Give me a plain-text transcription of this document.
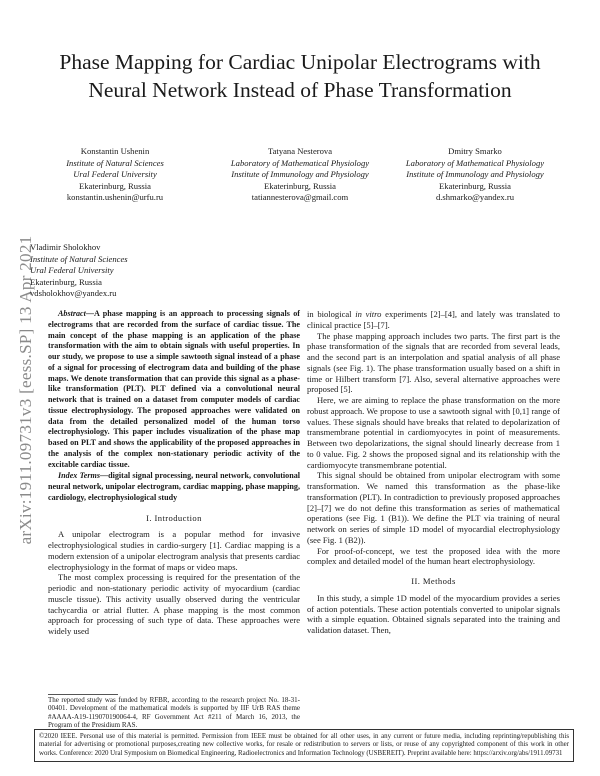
arXiv:1911.09731v3 [eess.SP] 13 Apr 2021
Phase Mapping for Cardiac Unipolar Electrograms with Neural Network Instead of Phase Transformation
Konstantin Ushenin
Institute of Natural Sciences
Ural Federal University
Ekaterinburg, Russia
konstantin.ushenin@urfu.ru
Tatyana Nesterova
Laboratory of Mathematical Physiology
Institute of Immunology and Physiology
Ekaterinburg, Russia
tatiannesterova@gmail.com
Dmitry Smarko
Laboratory of Mathematical Physiology
Institute of Immunology and Physiology
Ekaterinburg, Russia
d.shmarko@yandex.ru
Vladimir Sholokhov
Institute of Natural Sciences
Ural Federal University
Ekaterinburg, Russia
vdsholokhov@yandex.ru

Abstract—A phase mapping is an approach to processing signals of electrograms that are recorded from the surface of cardiac tissue. The main concept of the phase mapping is an application of the phase transformation with the aim to obtain signals with useful properties. In our study, we propose to use a simple sawtooth signal instead of a phase of a signal for processing of electrogram data and building of the phase maps. We denote transformation that can provide this signal as a phase-like transformation (PLT). PLT defined via a convolutional neural network that is trained on a dataset from computer models of cardiac tissue electrophysiology. The proposed approaches were validated on data from the detailed personalized model of the human torso electrophysiology. This paper includes visualization of the phase map based on PLT and shows the applicability of the proposed approaches in the analysis of the complex non-stationary periodic activity of the excitable cardiac tissue.

Index Terms—digital signal processing, neural network, convolutional neural network, unipolar electrogram, cardiac mapping, phase mapping, cardiology, electrophysiological study

I. Introduction

A unipolar electrogram is a popular method for invasive electrophysiological studies in cardio-surgery [1]. Cardiac mapping is a modern extension of a unipolar electrogram analysis that presents cardiac electrophysiology in the format of maps or video maps.

The most complex processing is required for the presentation of the periodic and non-stationary periodic activity of myocardium (cardiac muscle tissue). This activity usually observed during the ventricular tachycardia or atrial flutter. A phase mapping is the most common approach for processing of such type of data. These approaches were widely used

in biological in vitro experiments [2]–[4], and lately was translated to clinical practice [5]–[7].

The phase mapping approach includes two parts. The first part is the phase transformation of the signals that are recorded from several leads, and the second part is an interpolation and spatial analysis of all phase signals (see Fig. 1). The phase transformation usually based on a shift in time or Hilbert transform [7]. Also, several alternative approaches were proposed [5].

Here, we are aiming to replace the phase transformation on the more robust approach. We propose to use a sawtooth signal with [0,1] range of values. These signals should have breaks that related to depolarization of transmembrane potential in cardiomyocytes in point of measurements. Between two depolarizations, the signal should linearly decrease from 1 to 0 value. Fig. 2 shows the proposed signal and its relationship with the cardiomyocyte transmembrane potential.

This signal should be obtained from unipolar electrogram with some transformation. We named this transformation as the phase-like transformation (PLT). In contradiction to previously proposed approaches [2]–[7] we do not define this transformation as series of mathematical operations (see Fig. 1 (B1)). We define the PLT via training of neural network on series of simple 1D model of myocardial electrophysiology (see Fig. 1 (B2)).

For proof-of-concept, we test the proposed idea with the more complex and detailed model of the human heart electrophysiology.

II. Methods

In this study, a simple 1D model of the myocardium provides a series of action potentials. These action potentials converted to unipolar signals with a simple equation. Obtained signals separated into the training and validation dataset. Then,

The reported study was funded by RFBR, according to the research project No. 18-31-00401. Development of the mathematical models is supported by IIF UrB RAS theme #AAAA-A19-119070190064-4, RF Government Act #211 of March 16, 2013, the Program of the Presidium RAS.
©2020 IEEE. Personal use of this material is permitted. Permission from IEEE must be obtained for all other uses, in any current or future media, including reprinting/republishing this material for advertising or promotional purposes,creating new collective works, for resale or redistribution to servers or lists, or reuse of any copyrighted component of this work in other works. Conference: 2020 Ural Symposium on Biomedical Engineering, Radioelectronics and Information Technology (USBEREIT). Preprint available here: https://arxiv.org/abs/1911.09731
